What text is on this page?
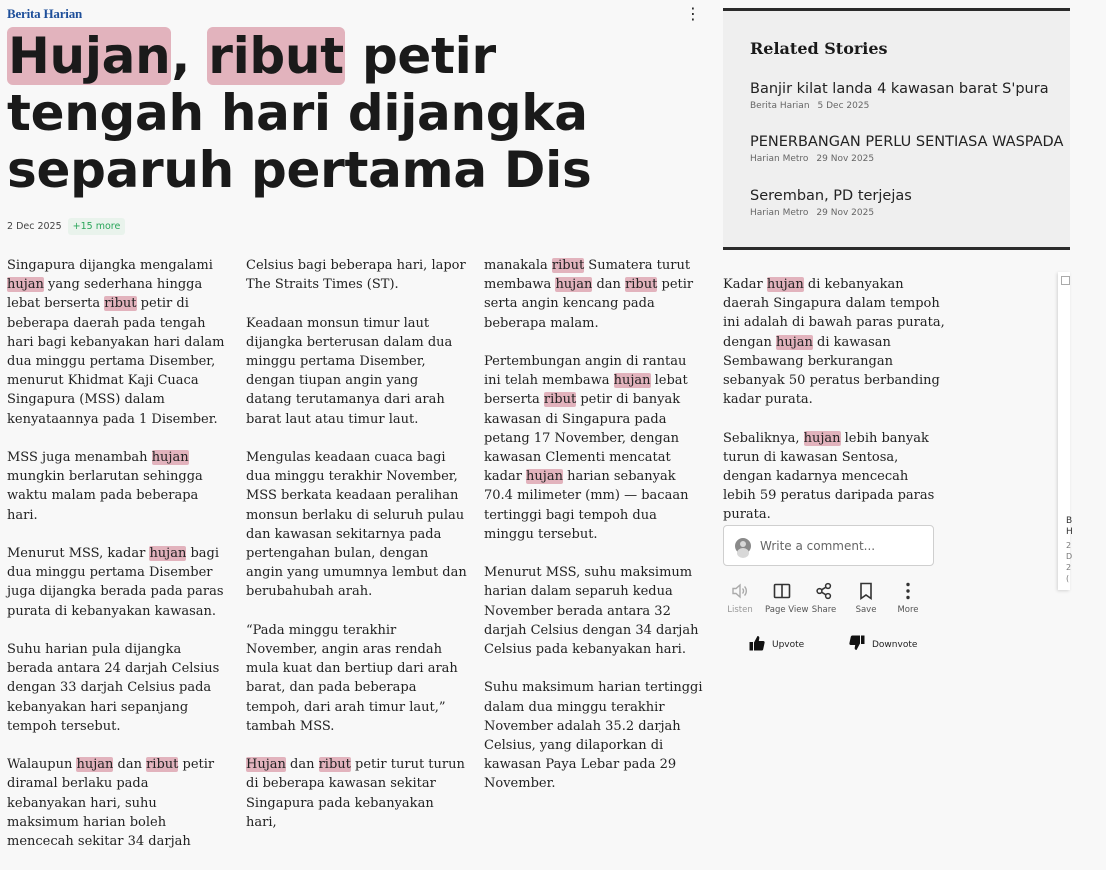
Berita Harian	⋮
Hujan, ribut petir tengah hari dijangka separuh pertama Dis
2 Dec 2025	+15 more

Singapura dijangka mengalami hujan yang sederhana hingga lebat berserta ribut petir di beberapa daerah pada tengah hari bagi kebanyakan hari dalam dua minggu pertama Disember, menurut Khidmat Kaji Cuaca Singapura (MSS) dalam kenyataannya pada 1 Disember.

MSS juga menambah hujan mungkin berlarutan sehingga waktu malam pada beberapa hari.

Menurut MSS, kadar hujan bagi dua minggu pertama Disember juga dijangka berada pada paras purata di kebanyakan kawasan.

Suhu harian pula dijangka berada antara 24 darjah Celsius dengan 33 darjah Celsius pada kebanyakan hari sepanjang tempoh tersebut.

Walaupun hujan dan ribut petir diramal berlaku pada kebanyakan hari, suhu maksimum harian boleh mencecah sekitar 34 darjah

Celsius bagi beberapa hari, lapor The Straits Times (ST).

Keadaan monsun timur laut dijangka berterusan dalam dua minggu pertama Disember, dengan tiupan angin yang datang terutamanya dari arah barat laut atau timur laut.

Mengulas keadaan cuaca bagi dua minggu terakhir November, MSS berkata keadaan peralihan monsun berlaku di seluruh pulau dan kawasan sekitarnya pada pertengahan bulan, dengan angin yang umumnya lembut dan berubahubah arah.

“Pada minggu terakhir November, angin aras rendah mula kuat dan bertiup dari arah barat, dan pada beberapa tempoh, dari arah timur laut,” tambah MSS.

Hujan dan ribut petir turut turun di beberapa kawasan sekitar Singapura pada kebanyakan hari,

manakala ribut Sumatera turut membawa hujan dan ribut petir serta angin kencang pada beberapa malam.

Pertembungan angin di rantau ini telah membawa hujan lebat berserta ribut petir di banyak kawasan di Singapura pada petang 17 November, dengan kawasan Clementi mencatat kadar hujan harian sebanyak 70.4 milimeter (mm) — bacaan tertinggi bagi tempoh dua minggu tersebut.

Menurut MSS, suhu maksimum harian dalam separuh kedua November berada antara 32 darjah Celsius dengan 34 darjah Celsius pada kebanyakan hari.

Suhu maksimum harian tertinggi dalam dua minggu terakhir November adalah 35.2 darjah Celsius, yang dilaporkan di kawasan Paya Lebar pada 29 November.

Kadar hujan di kebanyakan daerah Singapura dalam tempoh ini adalah di bawah paras purata, dengan hujan di kawasan Sembawang berkurangan sebanyak 50 peratus berbanding kadar purata.

Sebaliknya, hujan lebih banyak turun di kawasan Sentosa, dengan kadarnya mencecah lebih 59 peratus daripada paras purata.

Related Stories
Banjir kilat landa 4 kawasan barat S'pura
Berita Harian 5 Dec 2025
PENERBANGAN PERLU SENTIASA WASPADA
Harian Metro 29 Nov 2025
Seremban, PD terjejas
Harian Metro 29 Nov 2025
Write a comment...
Listen	Page View Share	Save	More
Upvote	Downvote
B
H
2
D
2
(
